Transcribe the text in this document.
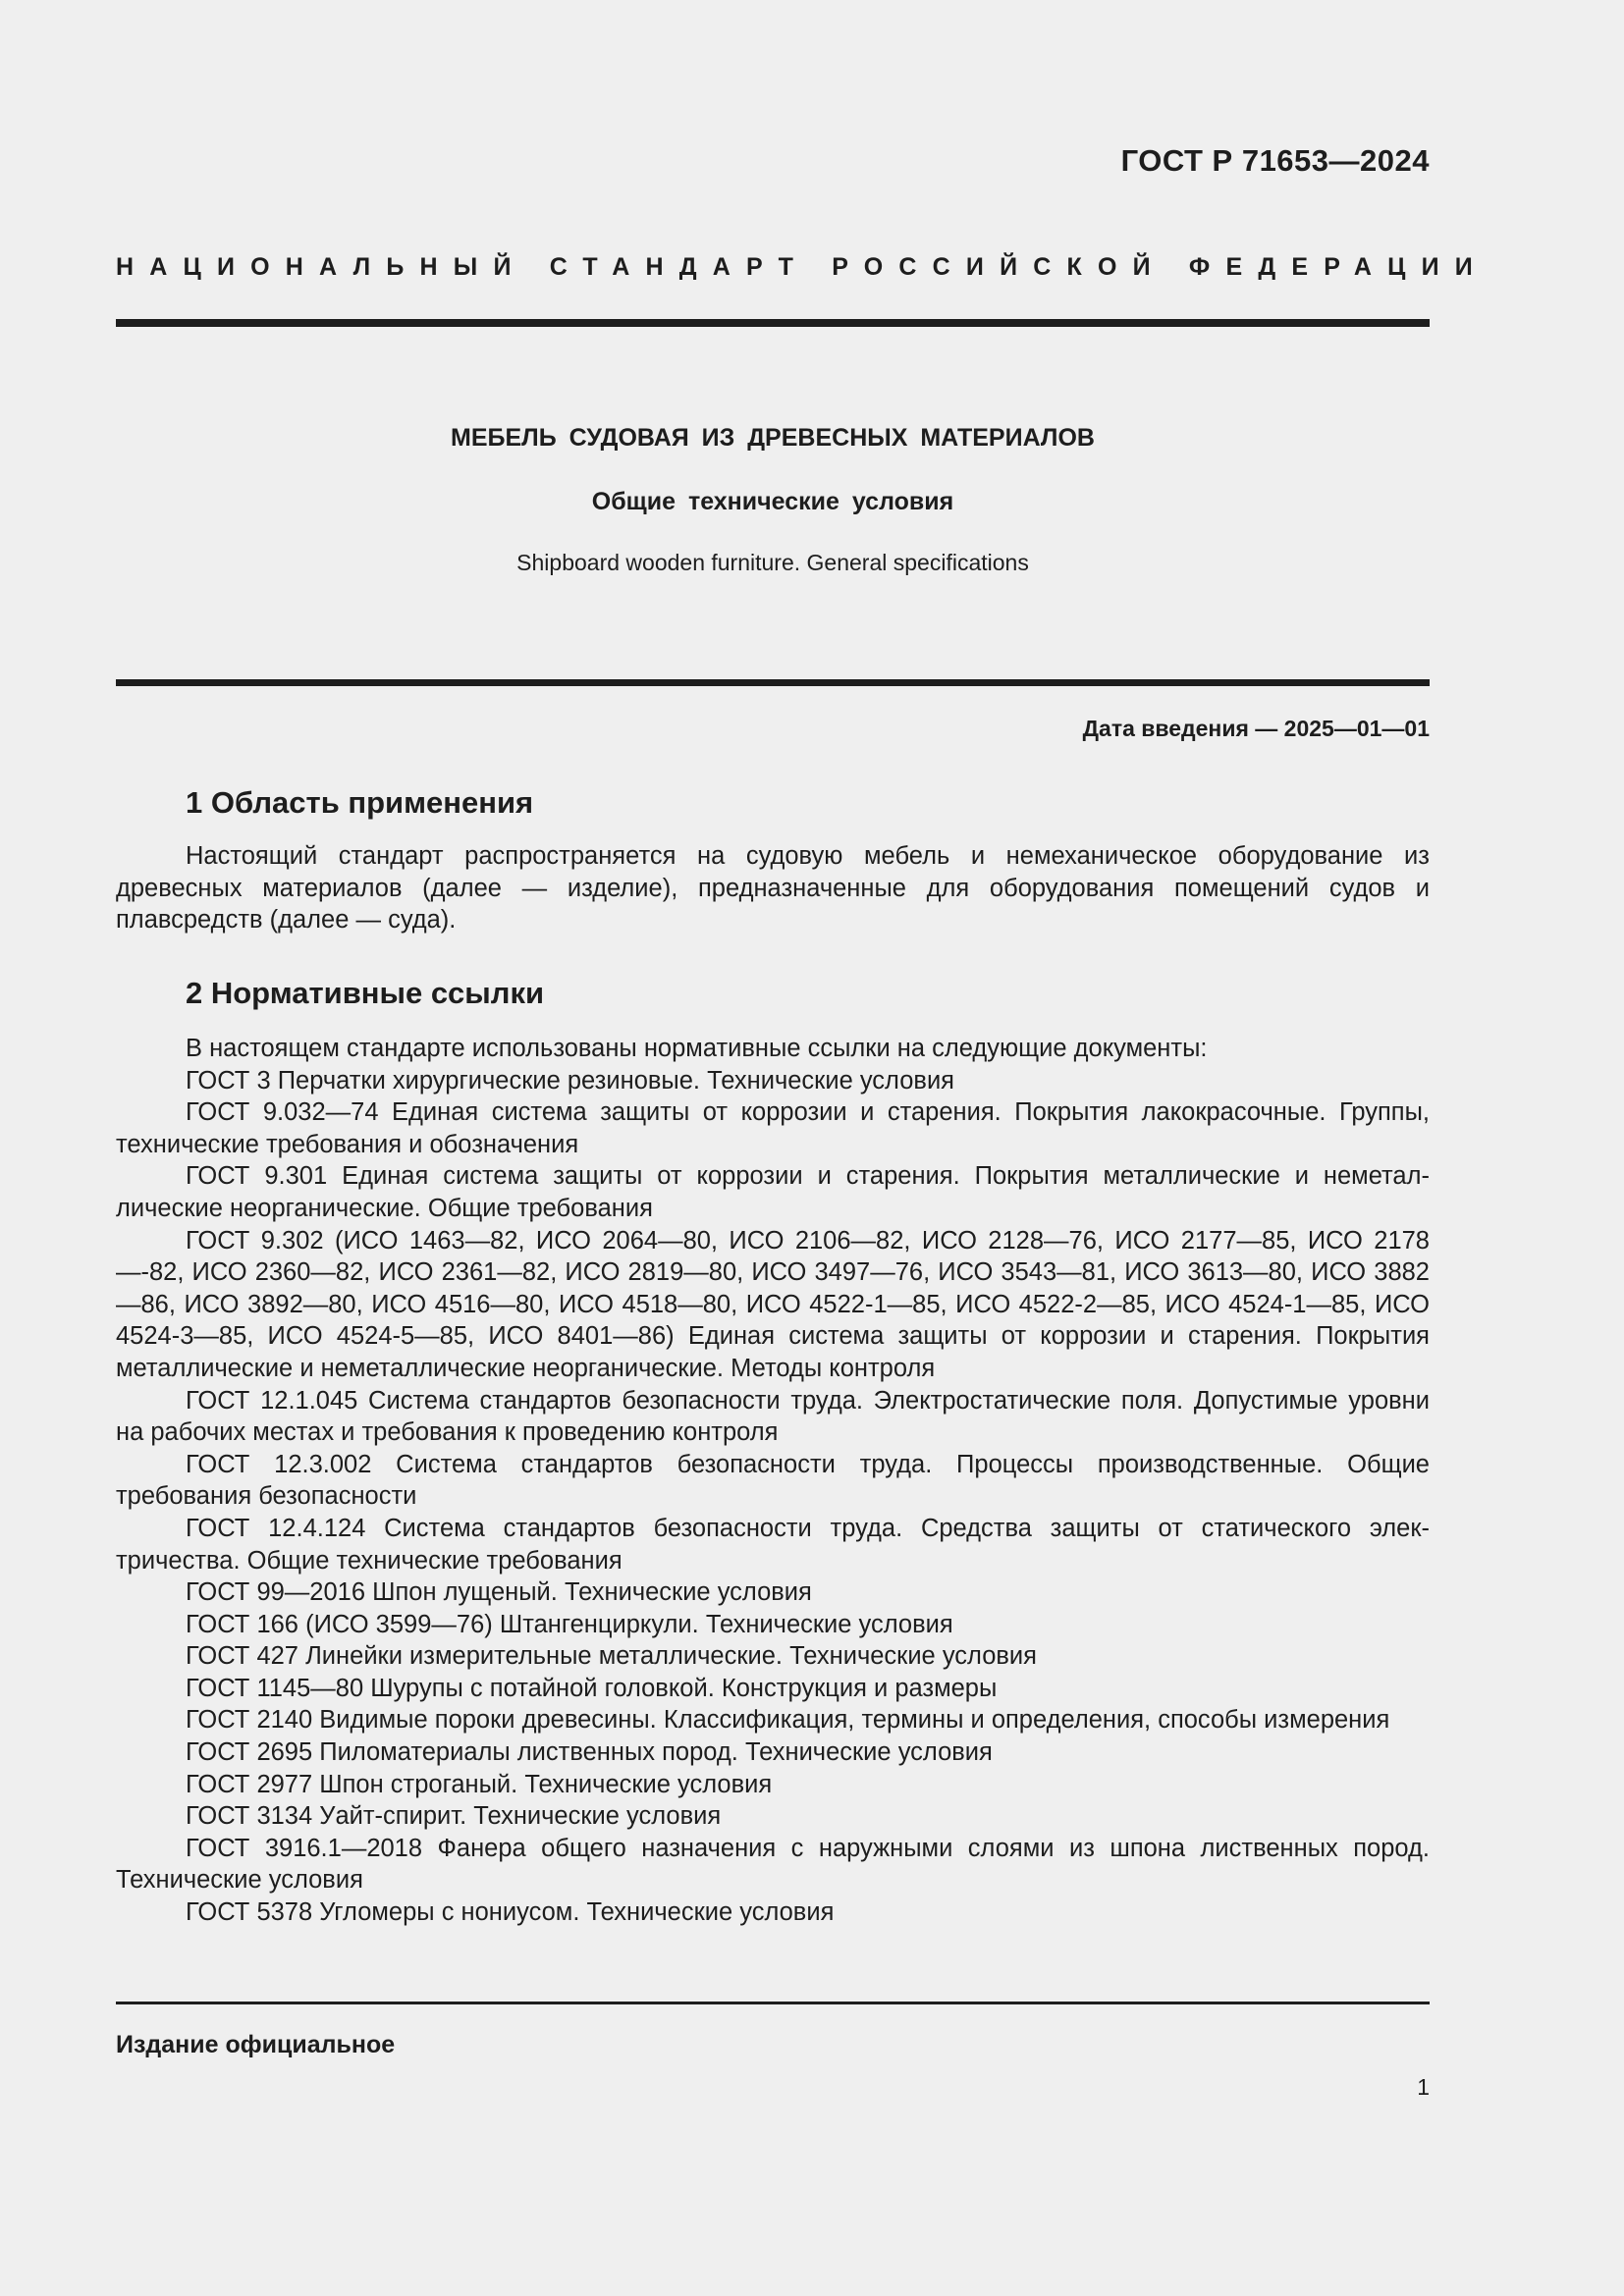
ГОСТ Р 71653—2024
НАЦИОНАЛЬНЫЙ СТАНДАРТ РОССИЙСКОЙ ФЕДЕРАЦИИ
МЕБЕЛЬ СУДОВАЯ ИЗ ДРЕВЕСНЫХ МАТЕРИАЛОВ
Общие технические условия
Shipboard wooden furniture. General specifications
Дата введения — 2025—01—01
1 Область применения

Настоящий стандарт распространяется на судовую мебель и немеханическое оборудование из древесных материалов (далее — изделие), предназначенные для оборудования помещений судов и плавсредств (далее — суда).

2 Нормативные ссылки

В настоящем стандарте использованы нормативные ссылки на следующие документы:

ГОСТ 3 Перчатки хирургические резиновые. Технические условия

ГОСТ 9.032—74 Единая система защиты от коррозии и старения. Покрытия лакокрасочные. Группы, технические требования и обозначения

ГОСТ 9.301 Единая система защиты от коррозии и старения. Покрытия металлические и неметаллические неорганические. Общие требования

ГОСТ 9.302 (ИСО 1463—82, ИСО 2064—80, ИСО 2106—82, ИСО 2128—76, ИСО 2177—85, ИСО 2178—-82, ИСО 2360—82, ИСО 2361—82, ИСО 2819—80, ИСО 3497—76, ИСО 3543—81, ИСО 3613—80, ИСО 3882—86, ИСО 3892—80, ИСО 4516—80, ИСО 4518—80, ИСО 4522-1—85, ИСО 4522-2—85, ИСО 4524-1—85, ИСО 4524-3—85, ИСО 4524-5—85, ИСО 8401—86) Единая система защиты от коррозии и старения. Покрытия металлические и неметаллические неорганические. Методы контроля

ГОСТ 12.1.045 Система стандартов безопасности труда. Электростатические поля. Допустимые уровни на рабочих местах и требования к проведению контроля

ГОСТ 12.3.002 Система стандартов безопасности труда. Процессы производственные. Общие требования безопасности

ГОСТ 12.4.124 Система стандартов безопасности труда. Средства защиты от статического электричества. Общие технические требования

ГОСТ 99—2016 Шпон лущеный. Технические условия

ГОСТ 166 (ИСО 3599—76) Штангенциркули. Технические условия

ГОСТ 427 Линейки измерительные металлические. Технические условия

ГОСТ 1145—80 Шурупы с потайной головкой. Конструкция и размеры

ГОСТ 2140 Видимые пороки древесины. Классификация, термины и определения, способы измерения

ГОСТ 2695 Пиломатериалы лиственных пород. Технические условия

ГОСТ 2977 Шпон строганый. Технические условия

ГОСТ 3134 Уайт-спирит. Технические условия

ГОСТ 3916.1—2018 Фанера общего назначения с наружными слоями из шпона лиственных пород. Технические условия

ГОСТ 5378 Угломеры с нониусом. Технические условия

Издание официальное
1
